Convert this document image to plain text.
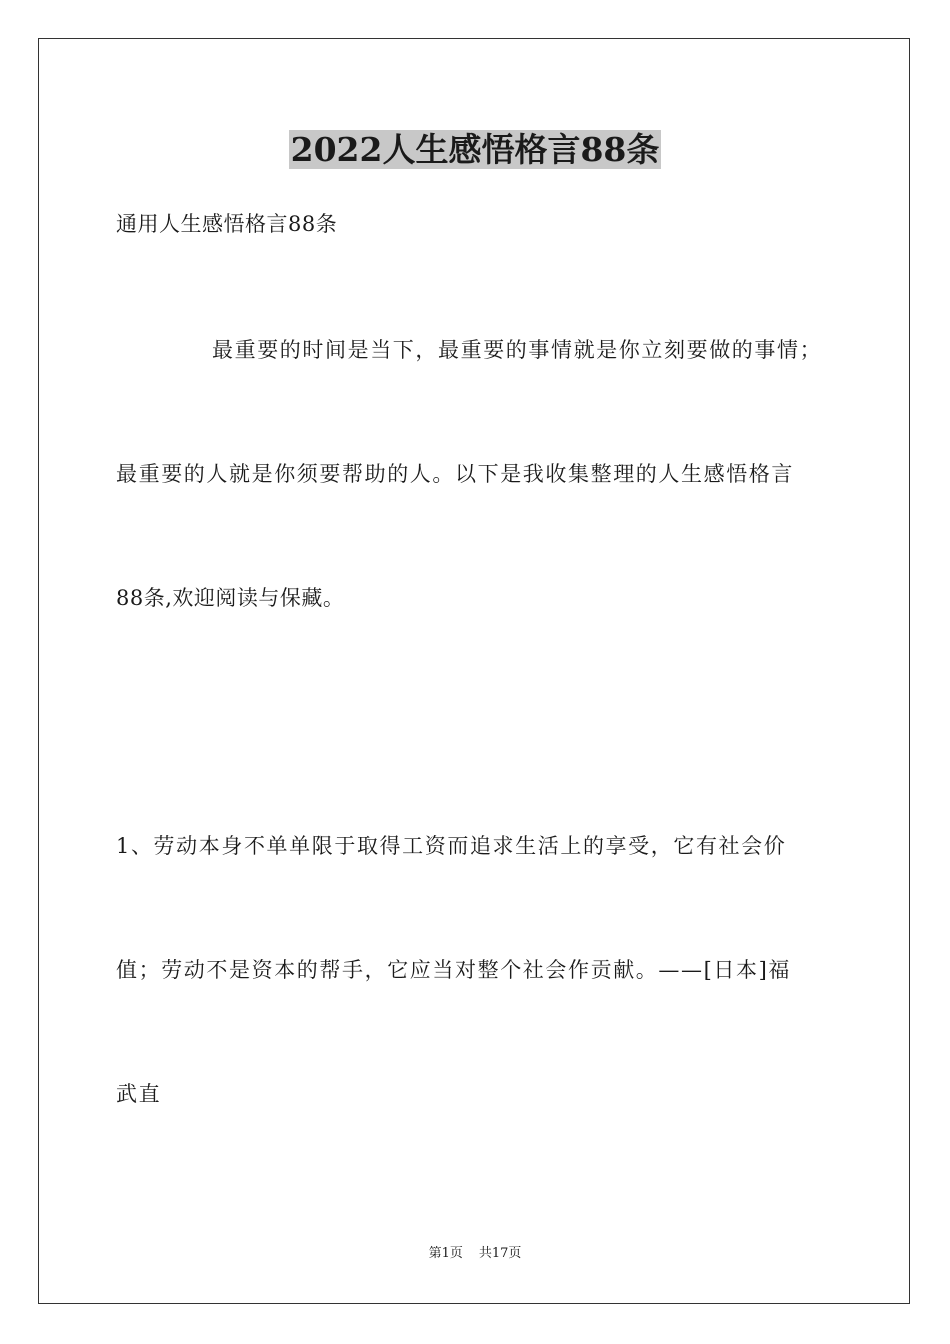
2022人生感悟格言88条

通用人生感悟格言88条

最重要的时间是当下，最重要的事情就是你立刻要做的事情；

最重要的人就是你须要帮助的人。以下是我收集整理的人生感悟格言

88条,欢迎阅读与保藏。

1、劳动本身不单单限于取得工资而追求生活上的享受，它有社会价

值；劳动不是资本的帮手，它应当对整个社会作贡献。——[日本]福

武直

第1页 共17页
